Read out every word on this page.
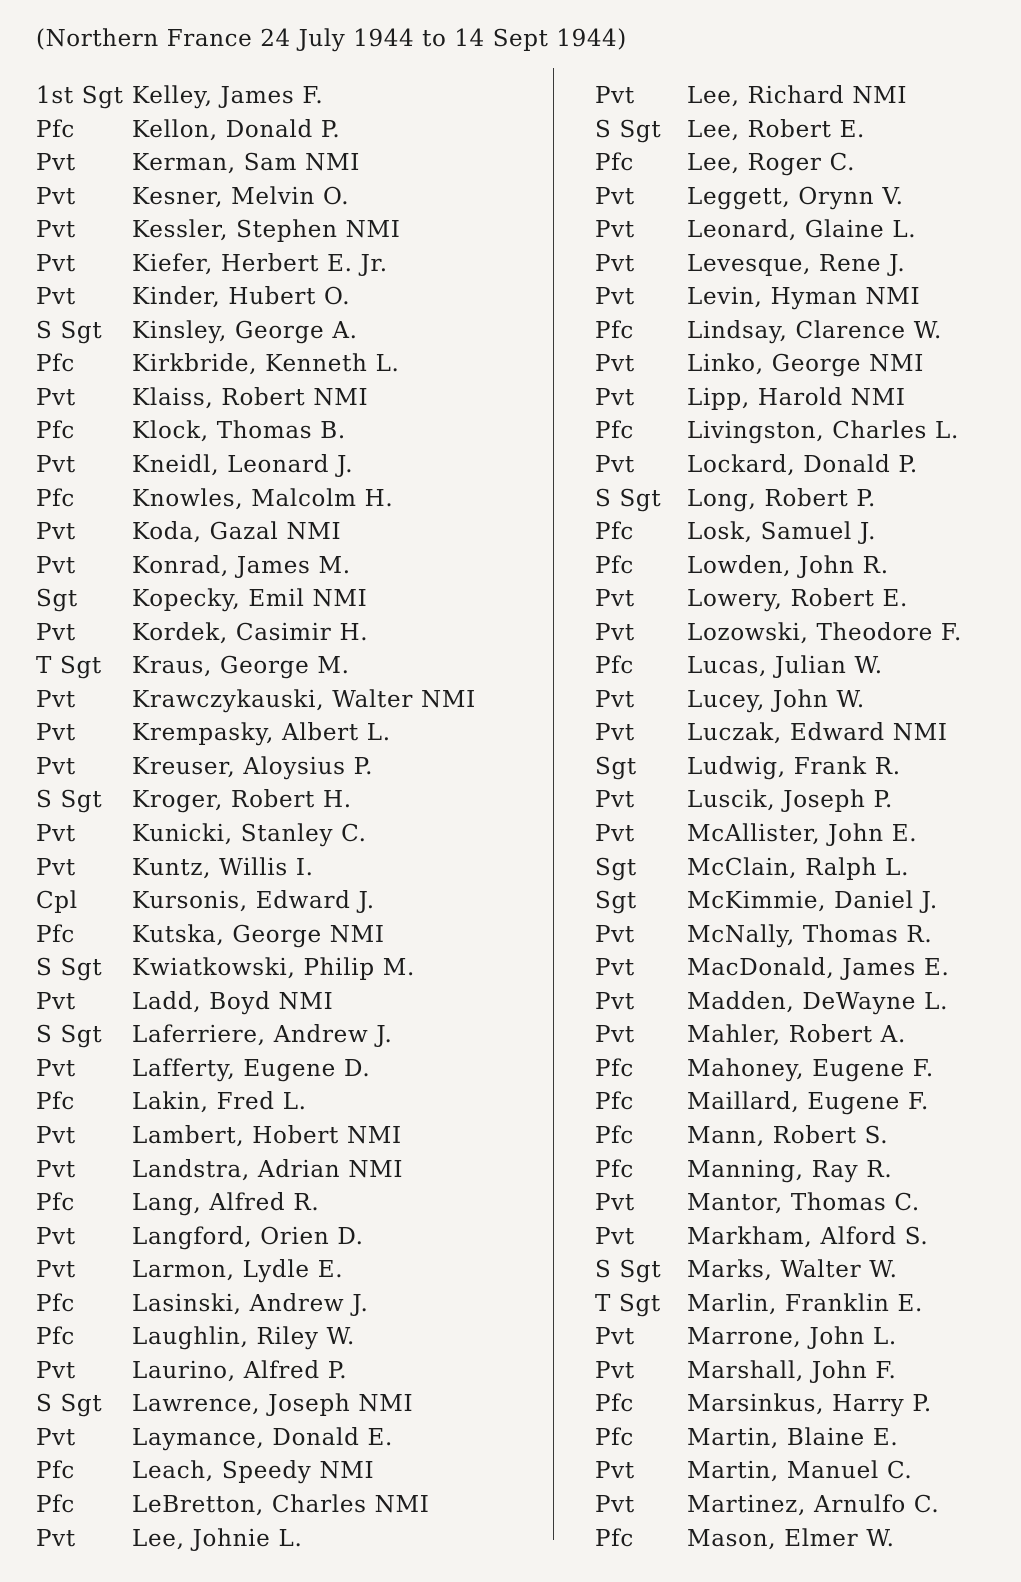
(Northern France 24 July 1944 to 14 Sept 1944)
1st Sgt Kelley, James F.
Pfc Kellon, Donald P.
Pvt Kerman, Sam NMI
Pvt Kesner, Melvin O.
Pvt Kessler, Stephen NMI
Pvt Kiefer, Herbert E. Jr.
Pvt Kinder, Hubert O.
S Sgt Kinsley, George A.
Pfc Kirkbride, Kenneth L.
Pvt Klaiss, Robert NMI
Pfc Klock, Thomas B.
Pvt Kneidl, Leonard J.
Pfc Knowles, Malcolm H.
Pvt Koda, Gazal NMI
Pvt Konrad, James M.
Sgt Kopecky, Emil NMI
Pvt Kordek, Casimir H.
T Sgt Kraus, George M.
Pvt Krawczykauski, Walter NMI
Pvt Krempasky, Albert L.
Pvt Kreuser, Aloysius P.
S Sgt Kroger, Robert H.
Pvt Kunicki, Stanley C.
Pvt Kuntz, Willis I.
Cpl Kursonis, Edward J.
Pfc Kutska, George NMI
S Sgt Kwiatkowski, Philip M.
Pvt Ladd, Boyd NMI
S Sgt Laferriere, Andrew J.
Pvt Lafferty, Eugene D.
Pfc Lakin, Fred L.
Pvt Lambert, Hobert NMI
Pvt Landstra, Adrian NMI
Pfc Lang, Alfred R.
Pvt Langford, Orien D.
Pvt Larmon, Lydle E.
Pfc Lasinski, Andrew J.
Pfc Laughlin, Riley W.
Pvt Laurino, Alfred P.
S Sgt Lawrence, Joseph NMI
Pvt Laymance, Donald E.
Pfc Leach, Speedy NMI
Pfc LeBretton, Charles NMI
Pvt Lee, Johnie L.
Pvt Lee, Richard NMI
S Sgt Lee, Robert E.
Pfc Lee, Roger C.
Pvt Leggett, Orynn V.
Pvt Leonard, Glaine L.
Pvt Levesque, Rene J.
Pvt Levin, Hyman NMI
Pfc Lindsay, Clarence W.
Pvt Linko, George NMI
Pvt Lipp, Harold NMI
Pfc Livingston, Charles L.
Pvt Lockard, Donald P.
S Sgt Long, Robert P.
Pfc Losk, Samuel J.
Pfc Lowden, John R.
Pvt Lowery, Robert E.
Pvt Lozowski, Theodore F.
Pfc Lucas, Julian W.
Pvt Lucey, John W.
Pvt Luczak, Edward NMI
Sgt Ludwig, Frank R.
Pvt Luscik, Joseph P.
Pvt McAllister, John E.
Sgt McClain, Ralph L.
Sgt McKimmie, Daniel J.
Pvt McNally, Thomas R.
Pvt MacDonald, James E.
Pvt Madden, DeWayne L.
Pvt Mahler, Robert A.
Pfc Mahoney, Eugene F.
Pfc Maillard, Eugene F.
Pfc Mann, Robert S.
Pfc Manning, Ray R.
Pvt Mantor, Thomas C.
Pvt Markham, Alford S.
S Sgt Marks, Walter W.
T Sgt Marlin, Franklin E.
Pvt Marrone, John L.
Pvt Marshall, John F.
Pfc Marsinkus, Harry P.
Pfc Martin, Blaine E.
Pvt Martin, Manuel C.
Pvt Martinez, Arnulfo C.
Pfc Mason, Elmer W.
